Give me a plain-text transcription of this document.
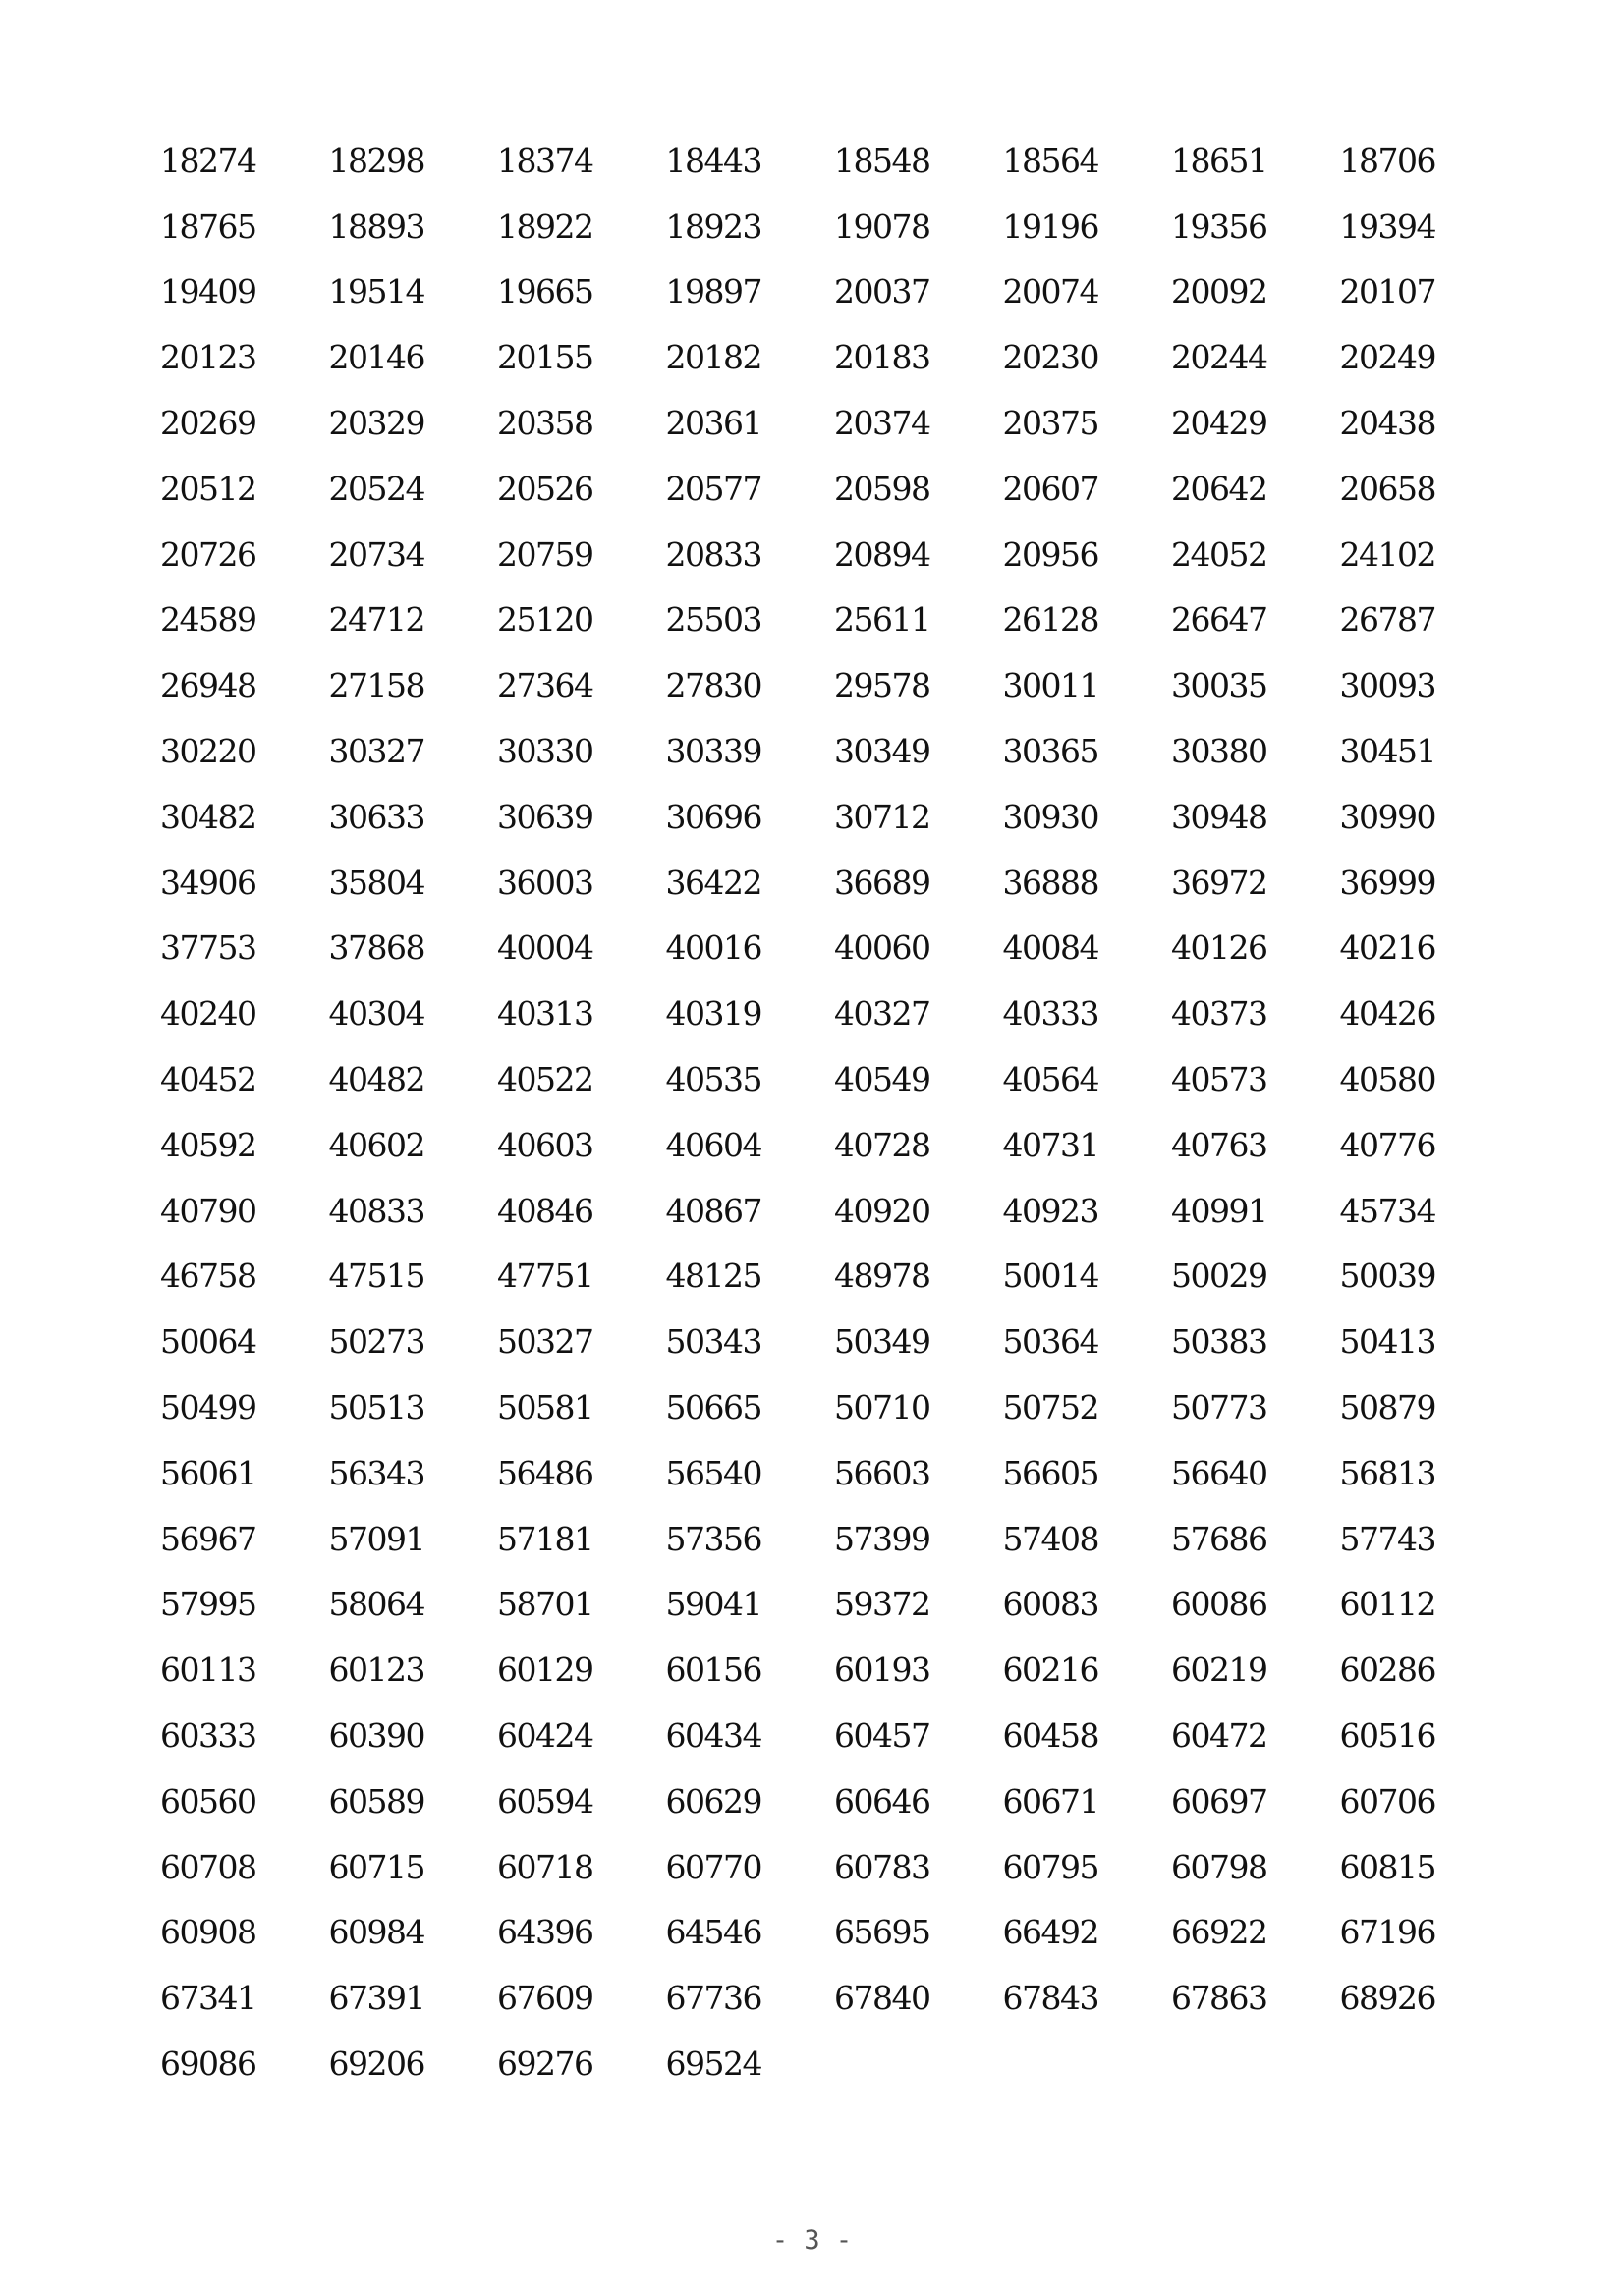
18274	18298	18374	18443	18548	18564	18651	18706
18765	18893	18922	18923	19078	19196	19356	19394
19409	19514	19665	19897	20037	20074	20092	20107
20123	20146	20155	20182	20183	20230	20244	20249
20269	20329	20358	20361	20374	20375	20429	20438
20512	20524	20526	20577	20598	20607	20642	20658
20726	20734	20759	20833	20894	20956	24052	24102
24589	24712	25120	25503	25611	26128	26647	26787
26948	27158	27364	27830	29578	30011	30035	30093
30220	30327	30330	30339	30349	30365	30380	30451
30482	30633	30639	30696	30712	30930	30948	30990
34906	35804	36003	36422	36689	36888	36972	36999
37753	37868	40004	40016	40060	40084	40126	40216
40240	40304	40313	40319	40327	40333	40373	40426
40452	40482	40522	40535	40549	40564	40573	40580
40592	40602	40603	40604	40728	40731	40763	40776
40790	40833	40846	40867	40920	40923	40991	45734
46758	47515	47751	48125	48978	50014	50029	50039
50064	50273	50327	50343	50349	50364	50383	50413
50499	50513	50581	50665	50710	50752	50773	50879
56061	56343	56486	56540	56603	56605	56640	56813
56967	57091	57181	57356	57399	57408	57686	57743
57995	58064	58701	59041	59372	60083	60086	60112
60113	60123	60129	60156	60193	60216	60219	60286
60333	60390	60424	60434	60457	60458	60472	60516
60560	60589	60594	60629	60646	60671	60697	60706
60708	60715	60718	60770	60783	60795	60798	60815
60908	60984	64396	64546	65695	66492	66922	67196
67341	67391	67609	67736	67840	67843	67863	68926
69086	69206	69276	69524
- 3 -
